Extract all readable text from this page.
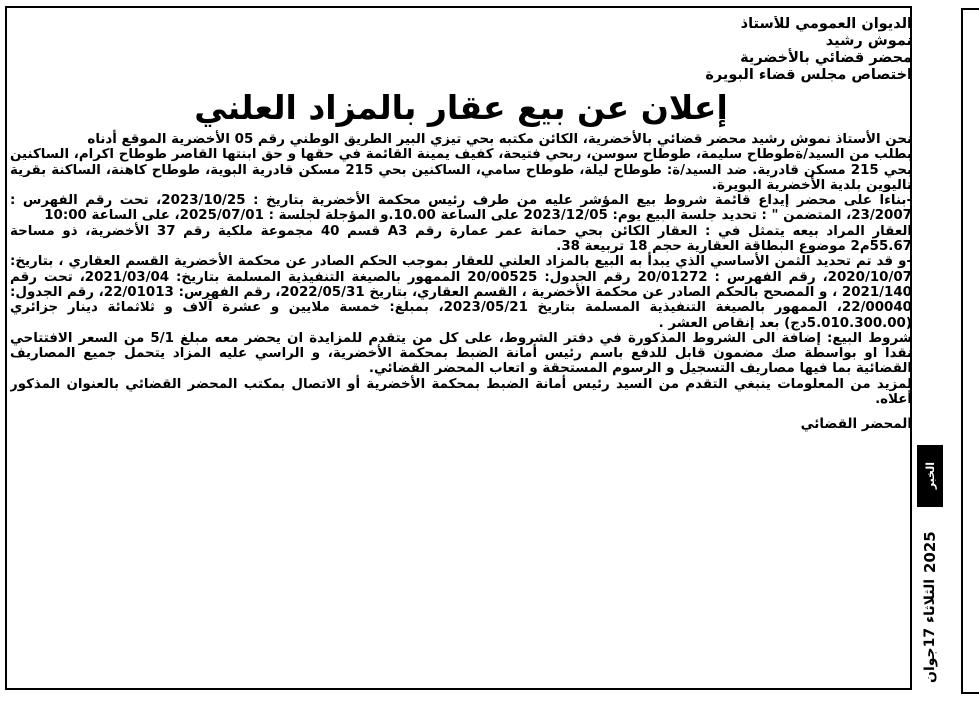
الديوان العمومي للأستاذ
نموش رشيد
محضر قضائي بالأخضرية
اختصاص مجلس قضاء البويرة
إعلان عن بيع عقار بالمزاد العلني

نحن الأستاذ نموش رشيد محضر قضائي بالأخضرية، الكائن مكتبه بحي تيزي البير الطريق الوطني رقم 05 الأخضرية الموقع أدناه

بطلب من السيد/ةطوطاح سليمة، طوطاح سوسن، ربحي فتيحة، كفيف يمينة القائمة في حقها و حق ابنتها القاصر طوطاح اكرام، الساكنين بحي 215 مسكن قادرية. ضد السيد/ة: طوطاح ليلة، طوطاح سامي، الساكنين بحي 215 مسكن قادرية البوية، طوطاح كاهنة، الساكنة بقرية تاليوين بلدية الأخضرية البويرة.

-بناءا على محضر إيداع قائمة شروط بيع المؤشر عليه من طرف رئيس محكمة الأخضرية بتاريخ : 2023/10/25، تحت رقم الفهرس : 23/2007، المتضمن " : تحديد جلسة البيع يوم: 2023/12/05 على الساعة 10.00.و المؤجلة لجلسة : 2025/07/01، على الساعة 10:00

العقار المراد بيعه يتمثل في : العقار الكائن بحي حمانة عمر عمارة رقم A3 قسم 40 مجموعة ملكية رقم 37 الأخضرية، ذو مساحة 55.67م2 موضوع البطاقة العقارية حجم 18 تربيعة 38.

-و قد تم تحديد الثمن الأساسي الذي يبدأ به البيع بالمزاد العلني للعقار بموجب الحكم الصادر عن محكمة الأخضرية القسم العقاري ، بتاريخ: 2020/10/07، رقم الفهرس : 20/01272 رقم الجدول: 20/00525 الممهور بالصيغة التنفيذية المسلمة بتاريخ: 2021/03/04، تحت رقم 2021/140 ، و المصحح بالحكم الصادر عن محكمة الأخضرية ، القسم العقاري، بتاريخ 2022/05/31، رقم الفهرس: 22/01013، رقم الجدول: 22/00040، الممهور بالصيغة التنفيذية المسلمة بتاريخ 2023/05/21، بمبلغ: خمسة ملايين و عشرة آلاف و ثلاثمائة دينار جزائري (5.010.300.00دج) بعد إنقاص العشر .

شروط البيع: إضافة الى الشروط المذكورة في دفتر الشروط، على كل من يتقدم للمزايدة ان يحضر معه مبلغ 5/1 من السعر الافتتاحي نقدا او بواسطة صك مضمون قابل للدفع باسم رئيس أمانة الضبط بمحكمة الأخضرية، و الراسي عليه المزاد يتحمل جميع المصاريف القضائية بما فيها مصاريف التسجيل و الرسوم المستحقة و اتعاب المحضر القضائي.

لمزيد من المعلومات ينبغي التقدم من السيد رئيس أمانة الضبط بمحكمة الأخضرية أو الاتصال بمكتب المحضر القضائي بالعنوان المذكور أعلاه.

المحضر القضائي
الخبر
2025
الثلاثاء 17جوان
